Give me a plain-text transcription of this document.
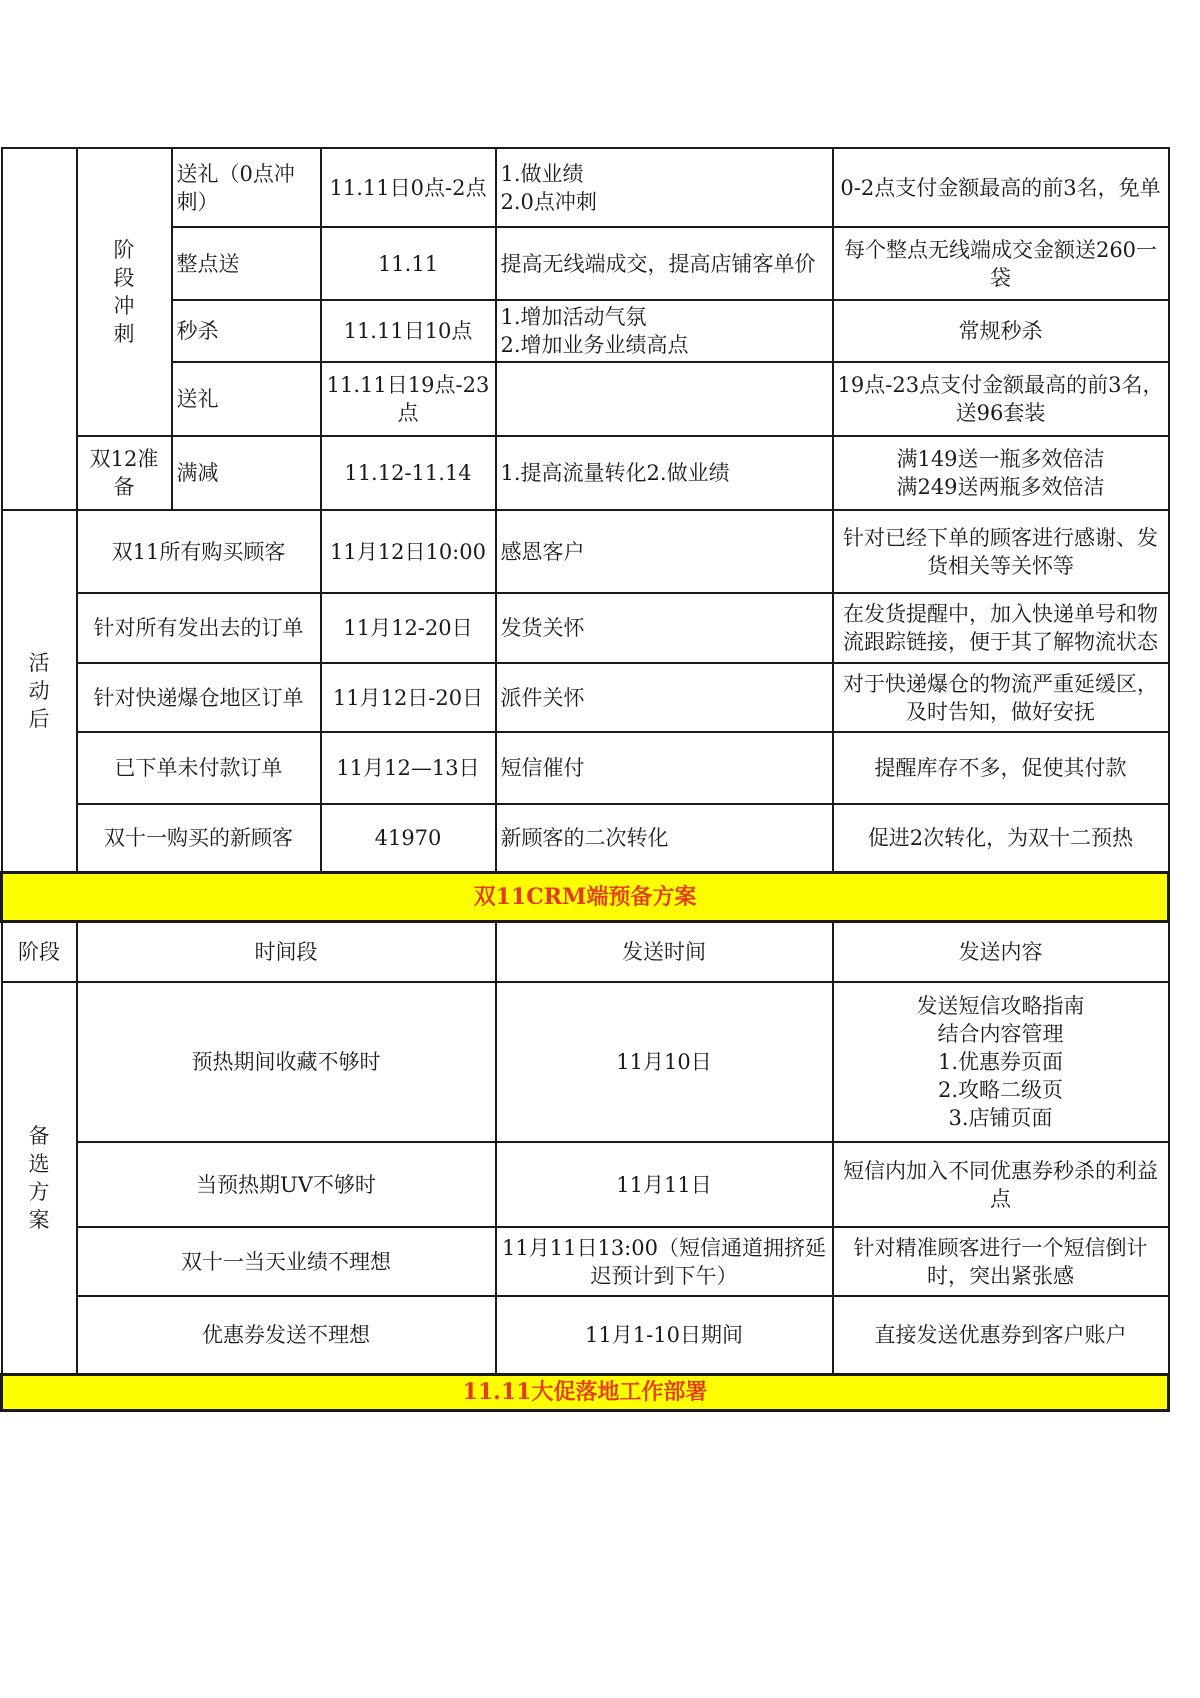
	阶段冲刺	送礼（0点冲刺）	11.11日0点-2点	1.做业绩
2.0点冲刺	0-2点支付金额最高的前3名，免单
		整点送	11.11	提高无线端成交，提高店铺客单价	每个整点无线端成交金额送260一袋
		秒杀	11.11日10点	1.增加活动气氛
2.增加业务业绩高点	常规秒杀
		送礼	11.11日19点-23点		19点-23点支付金额最高的前3名，送96套装
	双12准备	满减	11.12-11.14	1.提高流量转化2.做业绩	满149送一瓶多效倍洁
满249送两瓶多效倍洁

活动后	双11所有购买顾客		11月12日10:00	感恩客户	针对已经下单的顾客进行感谢、发货相关等关怀等
	针对所有发出去的订单		11月12-20日	发货关怀	在发货提醒中，加入快递单号和物流跟踪链接，便于其了解物流状态
	针对快递爆仓地区订单		11月12日-20日	派件关怀	对于快递爆仓的物流严重延缓区，及时告知，做好安抚
	已下单未付款订单		11月12—13日	短信催付	提醒库存不多，促使其付款
	双十一购买的新顾客		41970	新顾客的二次转化	促进2次转化，为双十二预热
双11CRM端预备方案					
阶段	时间段			发送时间	发送内容

备选方案	预热期间收藏不够时			11月10日	发送短信攻略指南
结合内容管理
1.优惠券页面
2.攻略二级页
3.店铺页面
	当预热期UV不够时			11月11日	短信内加入不同优惠券秒杀的利益点
	双十一当天业绩不理想			11月11日13:00（短信通道拥挤延迟预计到下午）	针对精准顾客进行一个短信倒计时，突出紧张感
	优惠券发送不理想			11月1-10日期间	直接发送优惠券到客户账户
11.11大促落地工作部署					
